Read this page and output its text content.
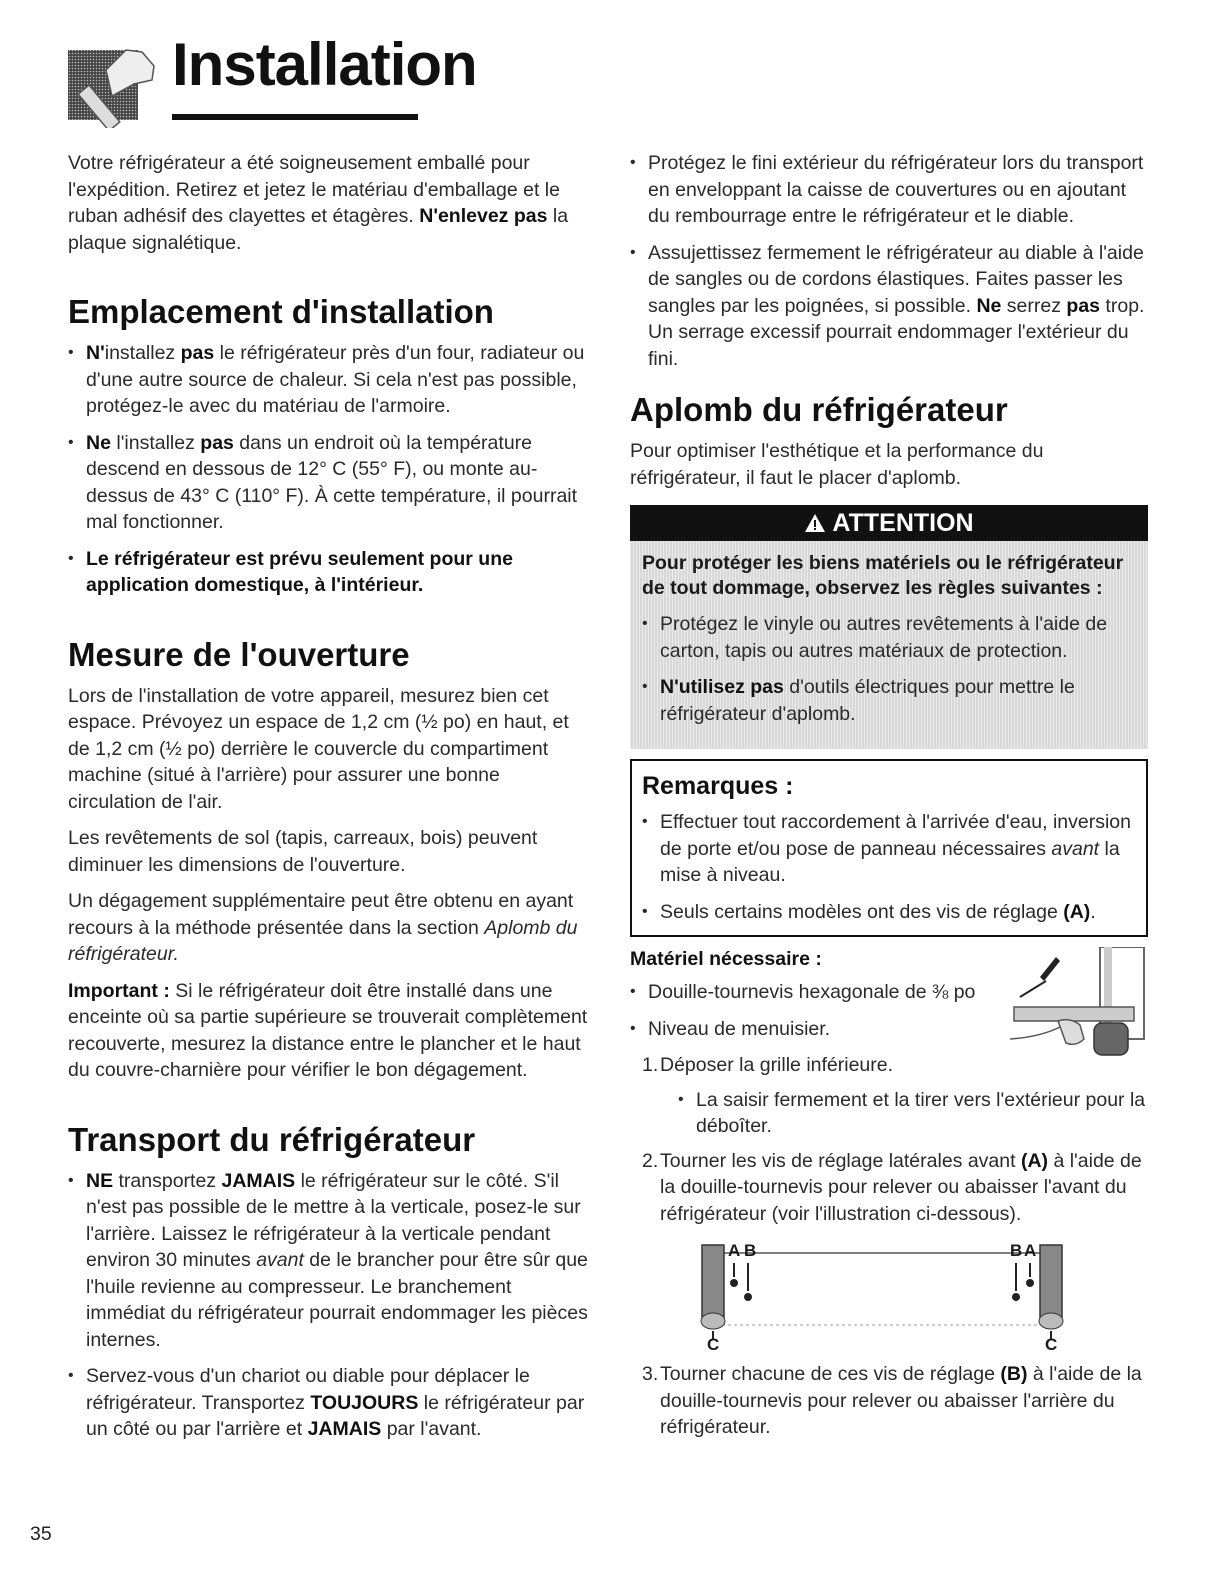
Installation

Votre réfrigérateur a été soigneusement emballé pour l'expédition. Retirez et jetez le matériau d'emballage et le ruban adhésif des clayettes et étagères. N'enlevez pas la plaque signalétique.

Emplacement d'installation
• N'installez pas le réfrigérateur près d'un four, radiateur ou d'une autre source de chaleur. Si cela n'est pas possible, protégez-le avec du matériau de l'armoire.
• Ne l'installez pas dans un endroit où la température descend en dessous de 12° C (55° F), ou monte au-dessus de 43° C (110° F). À cette température, il pourrait mal fonctionner.
• Le réfrigérateur est prévu seulement pour une application domestique, à l'intérieur.
Mesure de l'ouverture

Lors de l'installation de votre appareil, mesurez bien cet espace. Prévoyez un espace de 1,2 cm (½ po) en haut, et de 1,2 cm (½ po) derrière le couvercle du compartiment machine (situé à l'arrière) pour assurer une bonne circulation de l'air.

Les revêtements de sol (tapis, carreaux, bois) peuvent diminuer les dimensions de l'ouverture.

Un dégagement supplémentaire peut être obtenu en ayant recours à la méthode présentée dans la section Aplomb du réfrigérateur.

Important : Si le réfrigérateur doit être installé dans une enceinte où sa partie supérieure se trouverait complètement recouverte, mesurez la distance entre le plancher et le haut du couvre-charnière pour vérifier le bon dégagement.

Transport du réfrigérateur
• NE transportez JAMAIS le réfrigérateur sur le côté. S'il n'est pas possible de le mettre à la verticale, posez-le sur l'arrière. Laissez le réfrigérateur à la verticale pendant environ 30 minutes avant de le brancher pour être sûr que l'huile revienne au compresseur. Le branchement immédiat du réfrigérateur pourrait endommager les pièces internes.
• Servez-vous d'un chariot ou diable pour déplacer le réfrigérateur. Transportez TOUJOURS le réfrigérateur par un côté ou par l'arrière et JAMAIS par l'avant.
• Protégez le fini extérieur du réfrigérateur lors du transport en enveloppant la caisse de couvertures ou en ajoutant du rembourrage entre le réfrigérateur et le diable.
• Assujettissez fermement le réfrigérateur au diable à l'aide de sangles ou de cordons élastiques. Faites passer les sangles par les poignées, si possible. Ne serrez pas trop. Un serrage excessif pourrait endommager l'extérieur du fini.
Aplomb du réfrigérateur

Pour optimiser l'esthétique et la performance du réfrigérateur, il faut le placer d'aplomb.

ATTENTION

Pour protéger les biens matériels ou le réfrigérateur de tout dommage, observez les règles suivantes :

• Protégez le vinyle ou autres revêtements à l'aide de carton, tapis ou autres matériaux de protection.
• N'utilisez pas d'outils électriques pour mettre le réfrigérateur d'aplomb.
Remarques :
• Effectuer tout raccordement à l'arrivée d'eau, inversion de porte et/ou pose de panneau nécessaires avant la mise à niveau.
• Seuls certains modèles ont des vis de réglage (A).
Matériel nécessaire :
• Douille-tournevis hexagonale de ⅜ po
• Niveau de menuisier.
1. Déposer la grille inférieure.
• La saisir fermement et la tirer vers l'extérieur pour la déboîter.
2. Tourner les vis de réglage latérales avant (A) à l'aide de la douille-tournevis pour relever ou abaisser l'avant du réfrigérateur (voir l'illustration ci-dessous).
A B	B A
C	C
3. Tourner chacune de ces vis de réglage (B) à l'aide de la douille-tournevis pour relever ou abaisser l'arrière du réfrigérateur.
35
